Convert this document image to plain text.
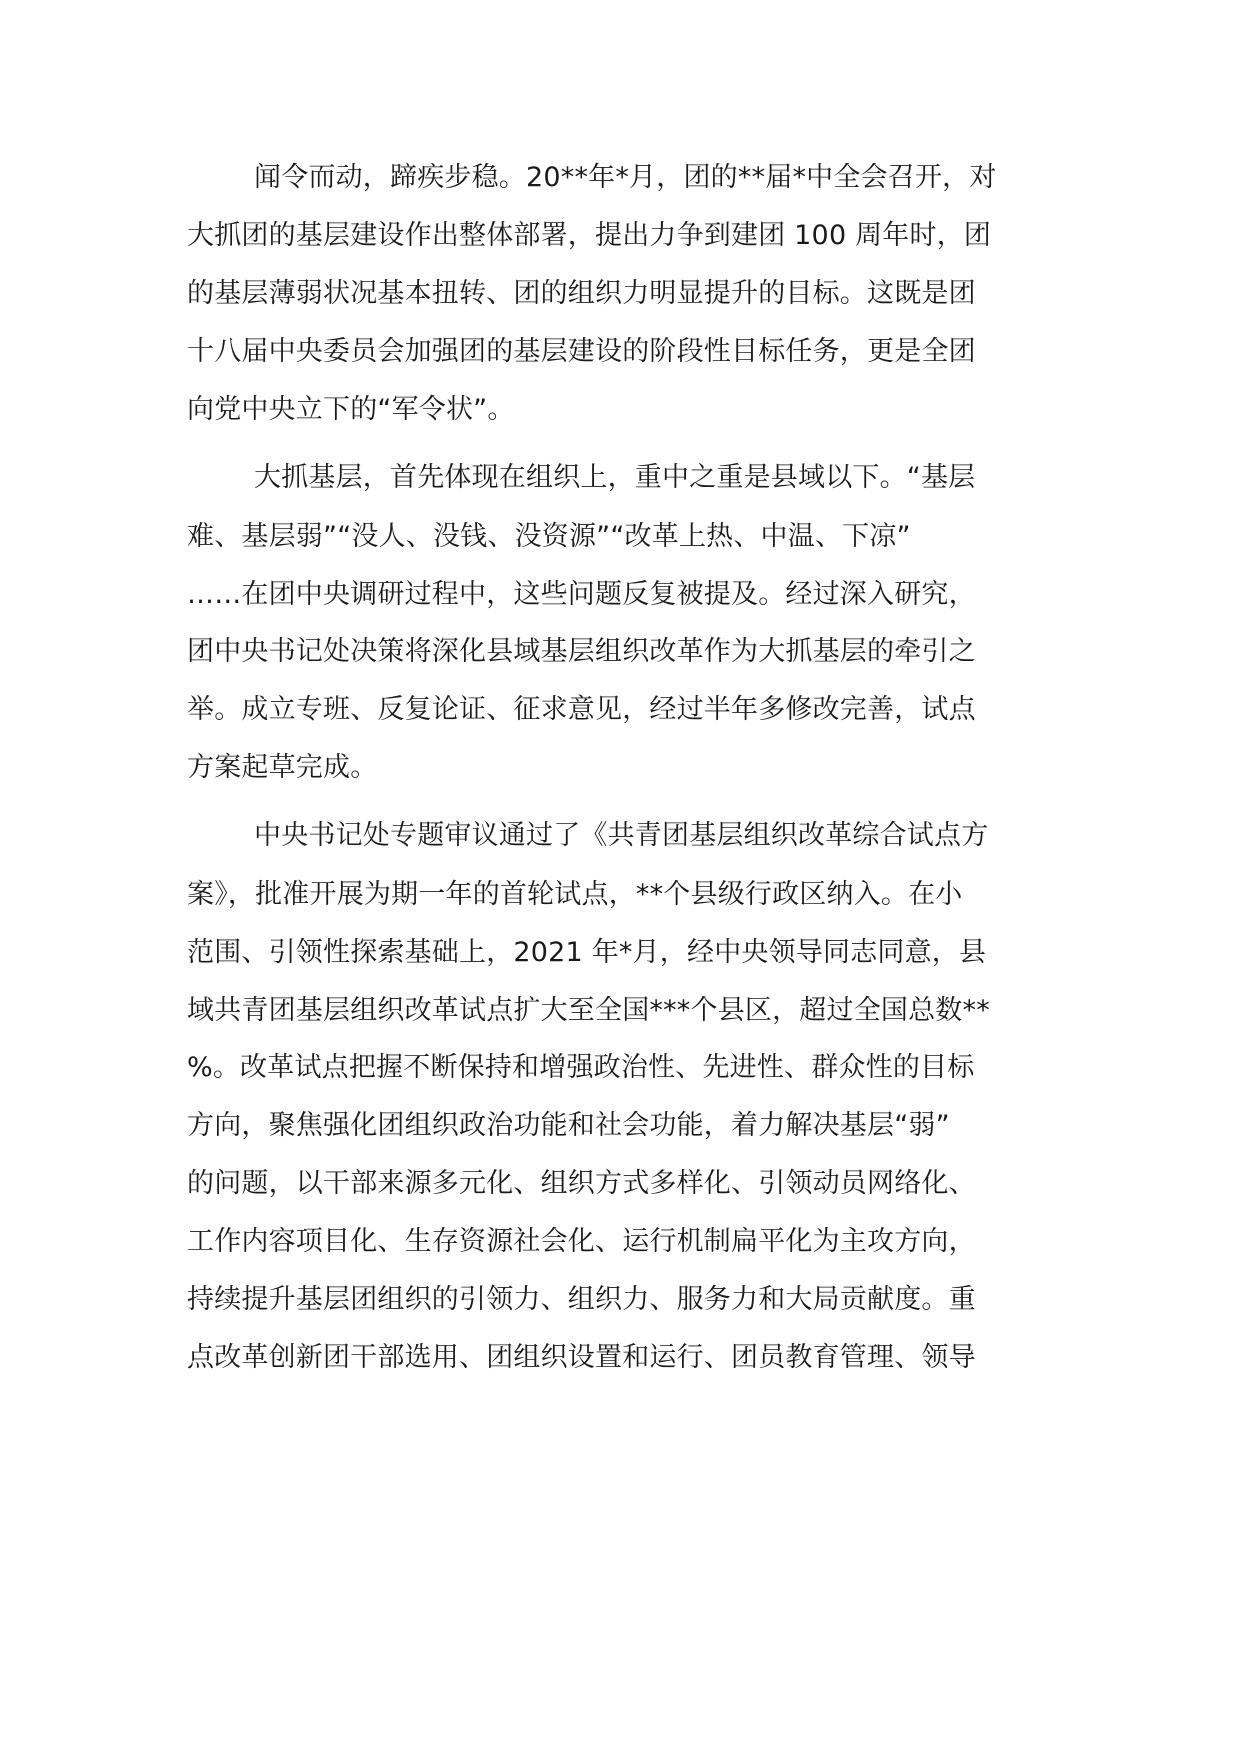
闻令而动，蹄疾步稳。20**年*月，团的**届*中全会召开，对
大抓团的基层建设作出整体部署，提出力争到建团 100 周年时，团
的基层薄弱状况基本扭转、团的组织力明显提升的目标。这既是团
十八届中央委员会加强团的基层建设的阶段性目标任务，更是全团
向党中央立下的“军令状”。
大抓基层，首先体现在组织上，重中之重是县域以下。“基层
难、基层弱”“没人、没钱、没资源”“改革上热、中温、下凉”
……在团中央调研过程中，这些问题反复被提及。经过深入研究，
团中央书记处决策将深化县域基层组织改革作为大抓基层的牵引之
举。成立专班、反复论证、征求意见，经过半年多修改完善，试点
方案起草完成。
中央书记处专题审议通过了《共青团基层组织改革综合试点方
案》，批准开展为期一年的首轮试点，**个县级行政区纳入。在小
范围、引领性探索基础上，2021 年*月，经中央领导同志同意，县
域共青团基层组织改革试点扩大至全国***个县区，超过全国总数**
%。改革试点把握不断保持和增强政治性、先进性、群众性的目标
方向，聚焦强化团组织政治功能和社会功能，着力解决基层“弱”
的问题，以干部来源多元化、组织方式多样化、引领动员网络化、
工作内容项目化、生存资源社会化、运行机制扁平化为主攻方向，
持续提升基层团组织的引领力、组织力、服务力和大局贡献度。重
点改革创新团干部选用、团组织设置和运行、团员教育管理、领导
